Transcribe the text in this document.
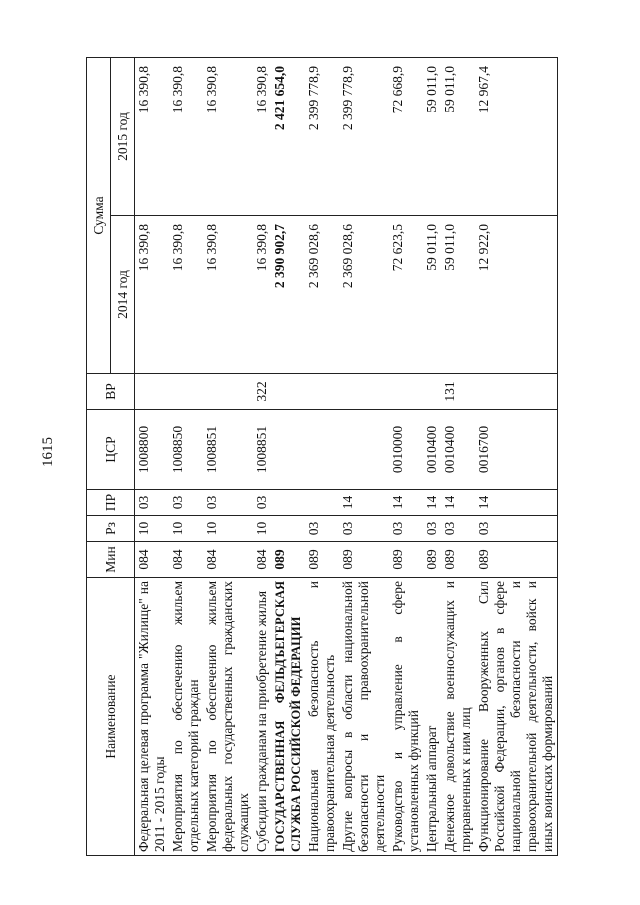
1615
Наименование	Мин	Рз	ПР	ЦСР	ВР	Сумма	
						2014 год	2015 год
Федеральная целевая программа "Жилище" на 2011 - 2015 годы	084	10	03	1008800		16 390,8	16 390,8
Мероприятия по обеспечению жильем отдельных категорий граждан	084	10	03	1008850		16 390,8	16 390,8
Мероприятия по обеспечению жильем федеральных государственных гражданских служащих	084	10	03	1008851		16 390,8	16 390,8
Субсидии гражданам на приобретение жилья	084	10	03	1008851	322	16 390,8	16 390,8
ГОСУДАРСТВЕННАЯ ФЕЛЬДЪЕГЕРСКАЯ СЛУЖБА РОССИЙСКОЙ ФЕДЕРАЦИИ	089					2 390 902,7	2 421 654,0
Национальная безопасность и правоохранительная деятельность	089	03				2 369 028,6	2 399 778,9
Другие вопросы в области национальной безопасности и правоохранительной деятельности	089	03	14			2 369 028,6	2 399 778,9
Руководство и управление в сфере установленных функций	089	03	14	0010000		72 623,5	72 668,9
Центральный аппарат	089	03	14	0010400		59 011,0	59 011,0
Денежное довольствие военнослужащих и приравненных к ним лиц	089	03	14	0010400	131	59 011,0	59 011,0
Функционирование Вооруженных Сил Российской Федерации, органов в сфере национальной безопасности и правоохранительной деятельности, войск и иных воинских формирований	089	03	14	0016700		12 922,0	12 967,4
